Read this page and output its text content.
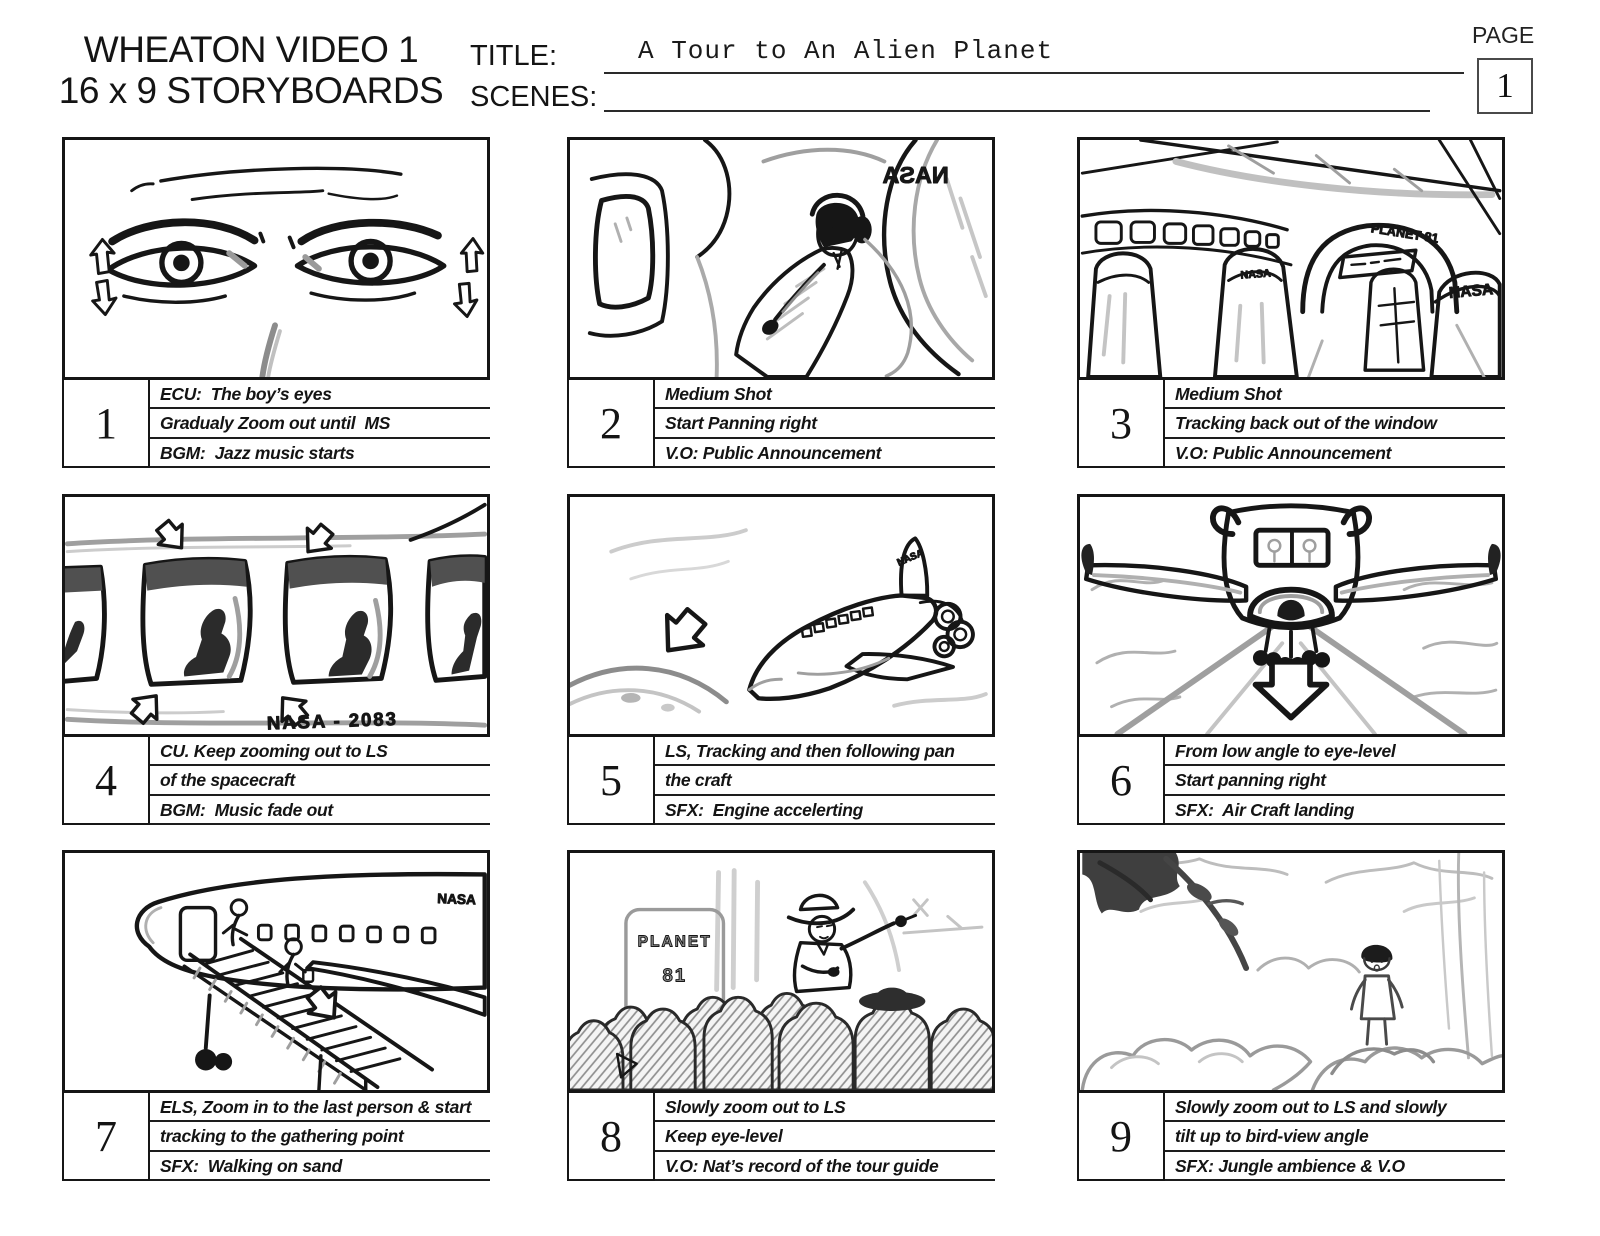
WHEATON VIDEO 1
16 x 9 STORYBOARDS
TITLE:	A Tour to An Alien Planet
SCENES:
PAGE
1
1
ECU:  The boy’s eyes
Gradualy Zoom out until  MS
BGM:  Jazz music starts
NASA
2
Medium Shot
Start Panning right
V.O: Public Announcement
PLANET 81
NASA
NASA
3
Medium Shot
Tracking back out of the window
V.O: Public Announcement
NASA - 2083
4
CU. Keep zooming out to LS
of the spacecraft
BGM:  Music fade out
NASA
5
LS, Tracking and then following pan
the craft
SFX:  Engine accelerting
6
From low angle to eye-level
Start panning right
SFX:  Air Craft landing
NASA
7
ELS, Zoom in to the last person & start
tracking to the gathering point
SFX:  Walking on sand
PLANET
81
8
Slowly zoom out to LS
Keep eye-level
V.O: Nat’s record of the tour guide
9
Slowly zoom out to LS and slowly
tilt up to bird-view angle
SFX: Jungle ambience & V.O
